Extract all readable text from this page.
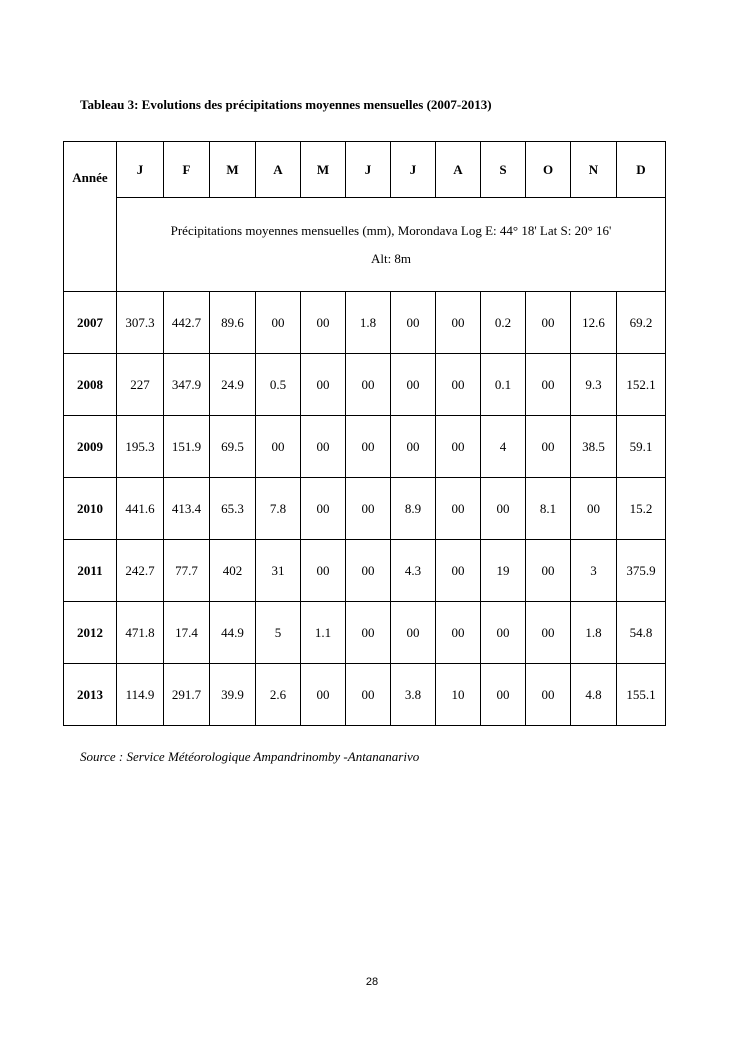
Tableau 3: Evolutions des précipitations moyennes mensuelles (2007-2013)
Année	J	F	M	A	M	J	J	A	S	O	N	D

	Précipitations moyennes mensuelles (mm), Morondava Log E: 44° 18' Lat S: 20° 16'
Alt: 8m											

2007	307.3	442.7	89.6	00	00	1.8	00	00	0.2	00	12.6	69.2
2008	227	347.9	24.9	0.5	00	00	00	00	0.1	00	9.3	152.1
2009	195.3	151.9	69.5	00	00	00	00	00	4	00	38.5	59.1
2010	441.6	413.4	65.3	7.8	00	00	8.9	00	00	8.1	00	15.2
2011	242.7	77.7	402	31	00	00	4.3	00	19	00	3	375.9
2012	471.8	17.4	44.9	5	1.1	00	00	00	00	00	1.8	54.8
2013	114.9	291.7	39.9	2.6	00	00	3.8	10	00	00	4.8	155.1
Source : Service Météorologique Ampandrinomby -Antananarivo
28
